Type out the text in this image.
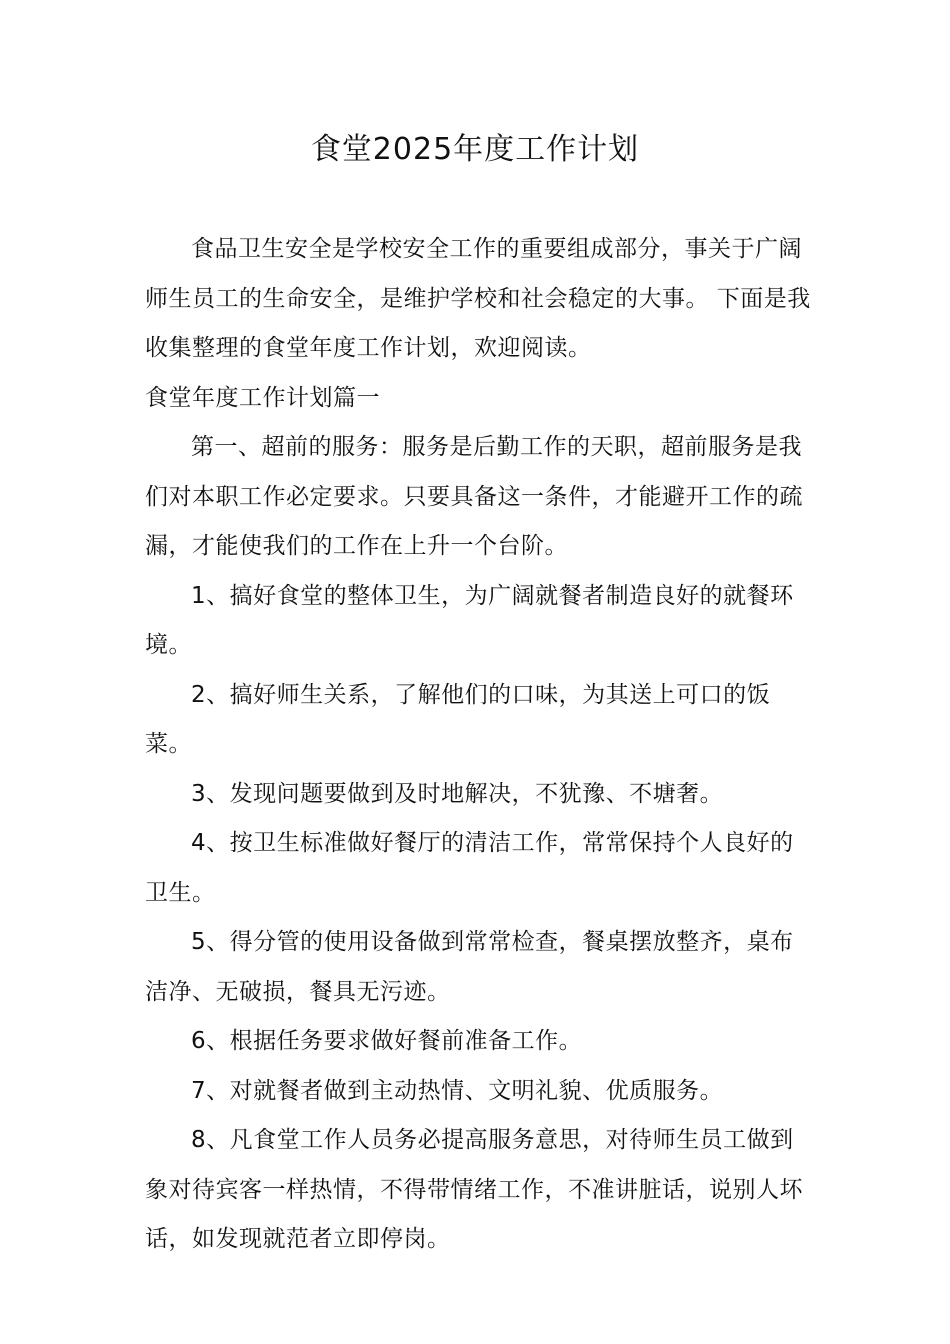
食堂2025年度工作计划

食品卫生安全是学校安全工作的重要组成部分，事关于广阔师生员工的生命安全，是维护学校和社会稳定的大事。 下面是我收集整理的食堂年度工作计划，欢迎阅读。

食堂年度工作计划篇一

第一、超前的服务：服务是后勤工作的天职，超前服务是我们对本职工作必定要求。只要具备这一条件，才能避开工作的疏漏，才能使我们的工作在上升一个台阶。

1、搞好食堂的整体卫生，为广阔就餐者制造良好的就餐环境。

2、搞好师生关系，了解他们的口味，为其送上可口的饭菜。

3、发现问题要做到及时地解决，不犹豫、不塘奢。

4、按卫生标准做好餐厅的清洁工作，常常保持个人良好的卫生。

5、得分管的使用设备做到常常检查，餐桌摆放整齐，桌布洁净、无破损，餐具无污迹。

6、根据任务要求做好餐前准备工作。

7、对就餐者做到主动热情、文明礼貌、优质服务。

8、凡食堂工作人员务必提高服务意思，对待师生员工做到象对待宾客一样热情，不得带情绪工作，不准讲脏话，说别人坏话，如发现就范者立即停岗。
